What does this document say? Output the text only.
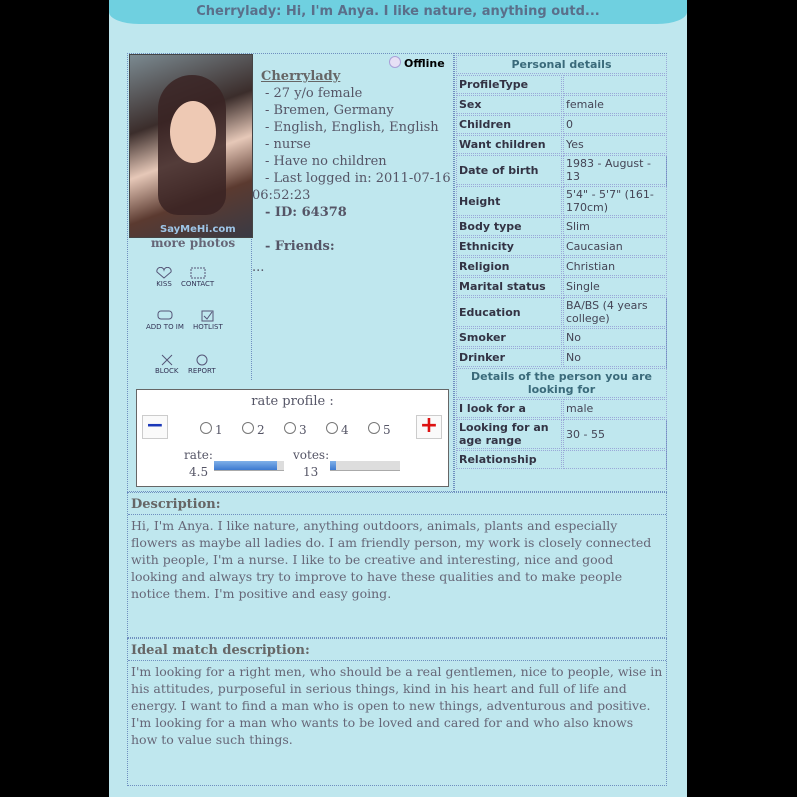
Cherrylady: Hi, I'm Anya. I like nature, anything outd...
SayMeHi.com
more photos
KISS CONTACT
ADD TO IM HOTLIST
BLOCK REPORT
Offline
Cherrylady
- 27 y/o female
- Bremen, Germany
- English, English, English
- nurse
- Have no children
- Last logged in: 2011-07-16
06:52:23
- ID: 64378
- Friends:
...
rate profile :
−	+
1	2	3	4	5
rate:
4.5
votes:
13
Personal details	
ProfileType	
Sex	female
Children	0
Want children	Yes
Date of birth	1983 - August - 13
Height	5'4" - 5'7" (161-170cm)
Body type	Slim
Ethnicity	Caucasian
Religion	Christian
Marital status	Single
Education	BA/BS (4 years college)
Smoker	No
Drinker	No
Details of the person you are looking for	
I look for a	male
Looking for an age range	30 - 55
Relationship	
Description:
Hi, I'm Anya. I like nature, anything outdoors, animals, plants and especially flowers as maybe all ladies do. I am friendly person, my work is closely connected with people, I'm a nurse. I like to be creative and interesting, nice and good looking and always try to improve to have these qualities and to make people notice them. I'm positive and easy going.
Ideal match description:
I'm looking for a right men, who should be a real gentlemen, nice to people, wise in his attitudes, purposeful in serious things, kind in his heart and full of life and energy. I want to find a man who is open to new things, adventurous and positive. I'm looking for a man who wants to be loved and cared for and who also knows how to value such things.
